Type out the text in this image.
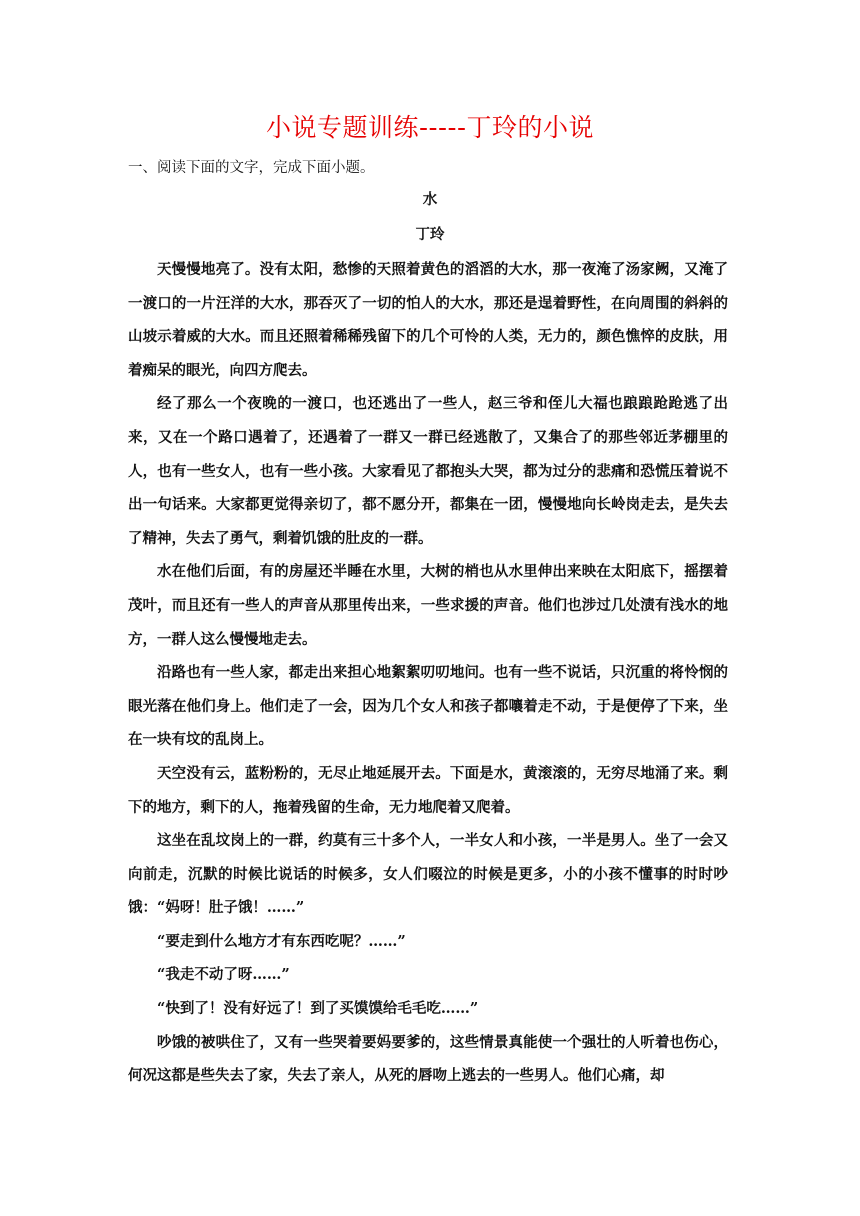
小说专题训练-----丁玲的小说
一、阅读下面的文字，完成下面小题。
水
丁玲

天慢慢地亮了。没有太阳，愁惨的天照着黄色的滔滔的大水，那一夜淹了汤家阙，又淹了一渡口的一片汪洋的大水，那吞灭了一切的怕人的大水，那还是逞着野性，在向周围的斜斜的山坡示着威的大水。而且还照着稀稀残留下的几个可怜的人类，无力的，颜色憔悴的皮肤，用着痴呆的眼光，向四方爬去。

经了那么一个夜晚的一渡口，也还逃出了一些人，赵三爷和侄儿大福也踉踉跄跄逃了出来，又在一个路口遇着了，还遇着了一群又一群已经逃散了，又集合了的那些邻近茅棚里的人，也有一些女人，也有一些小孩。大家看见了都抱头大哭，都为过分的悲痛和恐慌压着说不出一句话来。大家都更觉得亲切了，都不愿分开，都集在一团，慢慢地向长岭岗走去，是失去了精神，失去了勇气，剩着饥饿的肚皮的一群。

水在他们后面，有的房屋还半睡在水里，大树的梢也从水里伸出来映在太阳底下，摇摆着茂叶，而且还有一些人的声音从那里传出来，一些求援的声音。他们也涉过几处渍有浅水的地方，一群人这么慢慢地走去。

沿路也有一些人家，都走出来担心地絮絮叨叨地问。也有一些不说话，只沉重的将怜悯的眼光落在他们身上。他们走了一会，因为几个女人和孩子都嚷着走不动，于是便停了下来，坐在一块有坟的乱岗上。

天空没有云，蓝粉粉的，无尽止地延展开去。下面是水，黄滚滚的，无穷尽地涌了来。剩下的地方，剩下的人，拖着残留的生命，无力地爬着又爬着。

这坐在乱坟岗上的一群，约莫有三十多个人，一半女人和小孩，一半是男人。坐了一会又向前走，沉默的时候比说话的时候多，女人们啜泣的时候是更多，小的小孩不懂事的时时吵饿：“妈呀！肚子饿！……”

“要走到什么地方才有东西吃呢？……”

“我走不动了呀……”

“快到了！没有好远了！到了买馍馍给毛毛吃……”

吵饿的被哄住了，又有一些哭着要妈要爹的，这些情景真能使一个强壮的人听着也伤心，何况这都是些失去了家，失去了亲人，从死的唇吻上逃去的一些男人。他们心痛，却
